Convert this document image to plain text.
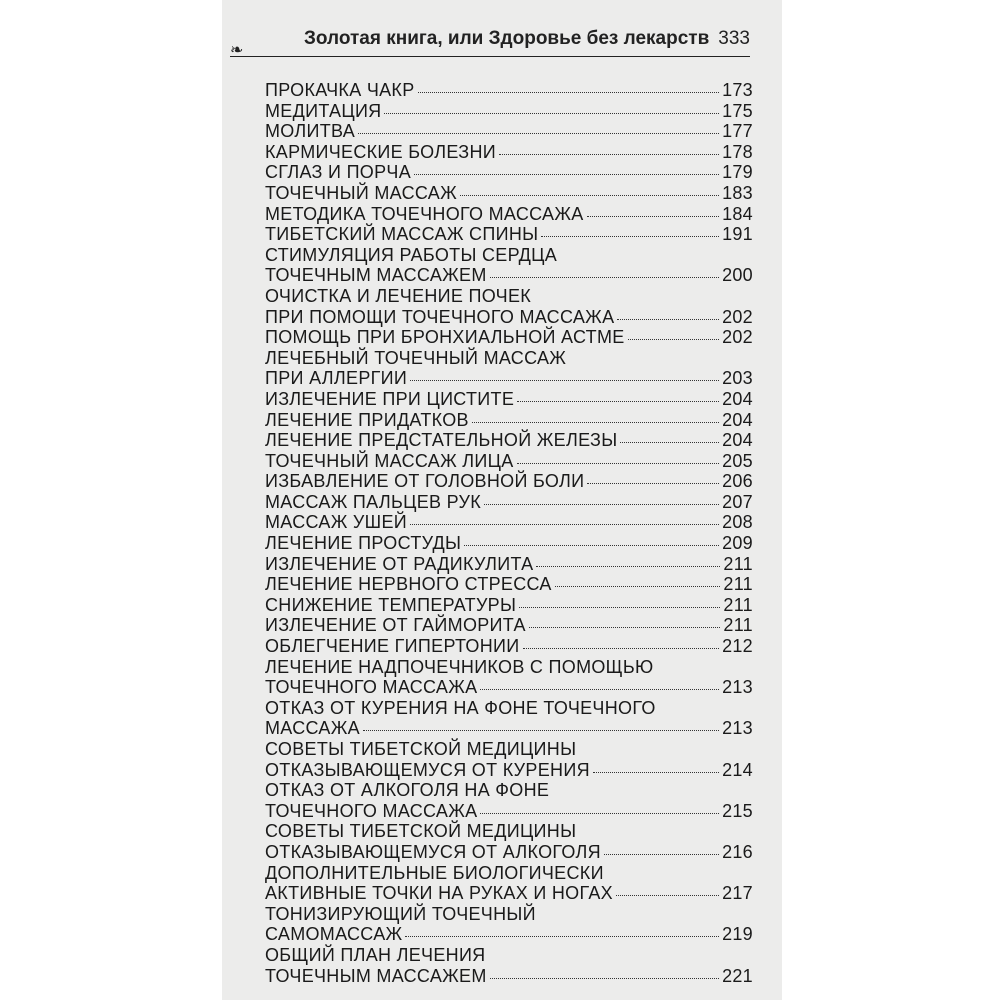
❧
Золотая книга, или Здоровье без лекарств 333
ПРОКАЧКА ЧАКР	173
МЕДИТАЦИЯ	175
МОЛИТВА	177
КАРМИЧЕСКИЕ БОЛЕЗНИ	178
СГЛАЗ И ПОРЧА	179
ТОЧЕЧНЫЙ МАССАЖ	183
МЕТОДИКА ТОЧЕЧНОГО МАССАЖА	184
ТИБЕТСКИЙ МАССАЖ СПИНЫ	191
СТИМУЛЯЦИЯ РАБОТЫ СЕРДЦА
ТОЧЕЧНЫМ МАССАЖЕМ	200
ОЧИСТКА И ЛЕЧЕНИЕ ПОЧЕК
ПРИ ПОМОЩИ ТОЧЕЧНОГО МАССАЖА	202
ПОМОЩЬ ПРИ БРОНХИАЛЬНОЙ АСТМЕ	202
ЛЕЧЕБНЫЙ ТОЧЕЧНЫЙ МАССАЖ
ПРИ АЛЛЕРГИИ	203
ИЗЛЕЧЕНИЕ ПРИ ЦИСТИТЕ	204
ЛЕЧЕНИЕ ПРИДАТКОВ	204
ЛЕЧЕНИЕ ПРЕДСТАТЕЛЬНОЙ ЖЕЛЕЗЫ	204
ТОЧЕЧНЫЙ МАССАЖ ЛИЦА	205
ИЗБАВЛЕНИЕ ОТ ГОЛОВНОЙ БОЛИ	206
МАССАЖ ПАЛЬЦЕВ РУК	207
МАССАЖ УШЕЙ	208
ЛЕЧЕНИЕ ПРОСТУДЫ	209
ИЗЛЕЧЕНИЕ ОТ РАДИКУЛИТА	211
ЛЕЧЕНИЕ НЕРВНОГО СТРЕССА	211
СНИЖЕНИЕ ТЕМПЕРАТУРЫ	211
ИЗЛЕЧЕНИЕ ОТ ГАЙМОРИТА	211
ОБЛЕГЧЕНИЕ ГИПЕРТОНИИ	212
ЛЕЧЕНИЕ НАДПОЧЕЧНИКОВ С ПОМОЩЬЮ
ТОЧЕЧНОГО МАССАЖА	213
ОТКАЗ ОТ КУРЕНИЯ НА ФОНЕ ТОЧЕЧНОГО
МАССАЖА	213
СОВЕТЫ ТИБЕТСКОЙ МЕДИЦИНЫ
ОТКАЗЫВАЮЩЕМУСЯ ОТ КУРЕНИЯ	214
ОТКАЗ ОТ АЛКОГОЛЯ НА ФОНЕ
ТОЧЕЧНОГО МАССАЖА	215
СОВЕТЫ ТИБЕТСКОЙ МЕДИЦИНЫ
ОТКАЗЫВАЮЩЕМУСЯ ОТ АЛКОГОЛЯ	216
ДОПОЛНИТЕЛЬНЫЕ БИОЛОГИЧЕСКИ
АКТИВНЫЕ ТОЧКИ НА РУКАХ И НОГАХ	217
ТОНИЗИРУЮЩИЙ ТОЧЕЧНЫЙ
САМОМАССАЖ	219
ОБЩИЙ ПЛАН ЛЕЧЕНИЯ
ТОЧЕЧНЫМ МАССАЖЕМ	221
